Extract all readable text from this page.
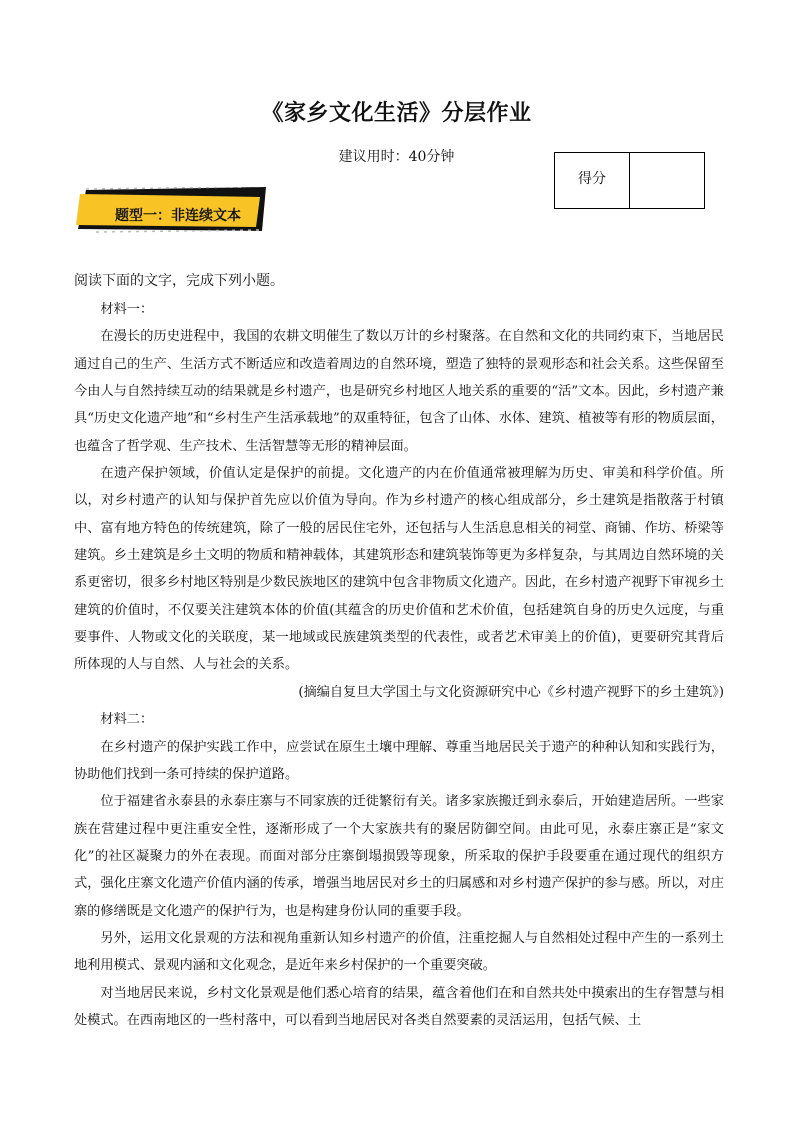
《家乡文化生活》分层作业
建议用时：40分钟
得分	
题型一：非连续文本
阅读下面的文字，完成下列小题。

材料一：

在漫长的历史进程中，我国的农耕文明催生了数以万计的乡村聚落。在自然和文化的共同约束下，当地居民通过自己的生产、生活方式不断适应和改造着周边的自然环境，塑造了独特的景观形态和社会关系。这些保留至今由人与自然持续互动的结果就是乡村遗产，也是研究乡村地区人地关系的重要的“活”文本。因此，乡村遗产兼具“历史文化遗产地”和“乡村生产生活承载地”的双重特征，包含了山体、水体、建筑、植被等有形的物质层面，也蕴含了哲学观、生产技术、生活智慧等无形的精神层面。

在遗产保护领域，价值认定是保护的前提。文化遗产的内在价值通常被理解为历史、审美和科学价值。所以，对乡村遗产的认知与保护首先应以价值为导向。作为乡村遗产的核心组成部分，乡土建筑是指散落于村镇中、富有地方特色的传统建筑，除了一般的居民住宅外，还包括与人生活息息相关的祠堂、商铺、作坊、桥梁等建筑。乡土建筑是乡土文明的物质和精神载体，其建筑形态和建筑装饰等更为多样复杂，与其周边自然环境的关系更密切，很多乡村地区特别是少数民族地区的建筑中包含非物质文化遗产。因此，在乡村遗产视野下审视乡土建筑的价值时，不仅要关注建筑本体的价值(其蕴含的历史价值和艺术价值，包括建筑自身的历史久远度，与重要事件、人物或文化的关联度，某一地域或民族建筑类型的代表性，或者艺术审美上的价值)，更要研究其背后所体现的人与自然、人与社会的关系。

(摘编自复旦大学国土与文化资源研究中心《乡村遗产视野下的乡土建筑》)

材料二：

在乡村遗产的保护实践工作中，应尝试在原生土壤中理解、尊重当地居民关于遗产的种种认知和实践行为，协助他们找到一条可持续的保护道路。

位于福建省永泰县的永泰庄寨与不同家族的迁徙繁衍有关。诸多家族搬迁到永泰后，开始建造居所。一些家族在营建过程中更注重安全性，逐渐形成了一个大家族共有的聚居防御空间。由此可见，永泰庄寨正是“家文化”的社区凝聚力的外在表现。而面对部分庄寨倒塌损毁等现象，所采取的保护手段要重在通过现代的组织方式，强化庄寨文化遗产价值内涵的传承，增强当地居民对乡土的归属感和对乡村遗产保护的参与感。所以，对庄寨的修缮既是文化遗产的保护行为，也是构建身份认同的重要手段。

另外，运用文化景观的方法和视角重新认知乡村遗产的价值，注重挖掘人与自然相处过程中产生的一系列土地利用模式、景观内涵和文化观念，是近年来乡村保护的一个重要突破。

对当地居民来说，乡村文化景观是他们悉心培育的结果，蕴含着他们在和自然共处中摸索出的生存智慧与相处模式。在西南地区的一些村落中，可以看到当地居民对各类自然要素的灵活运用，包括气候、土
